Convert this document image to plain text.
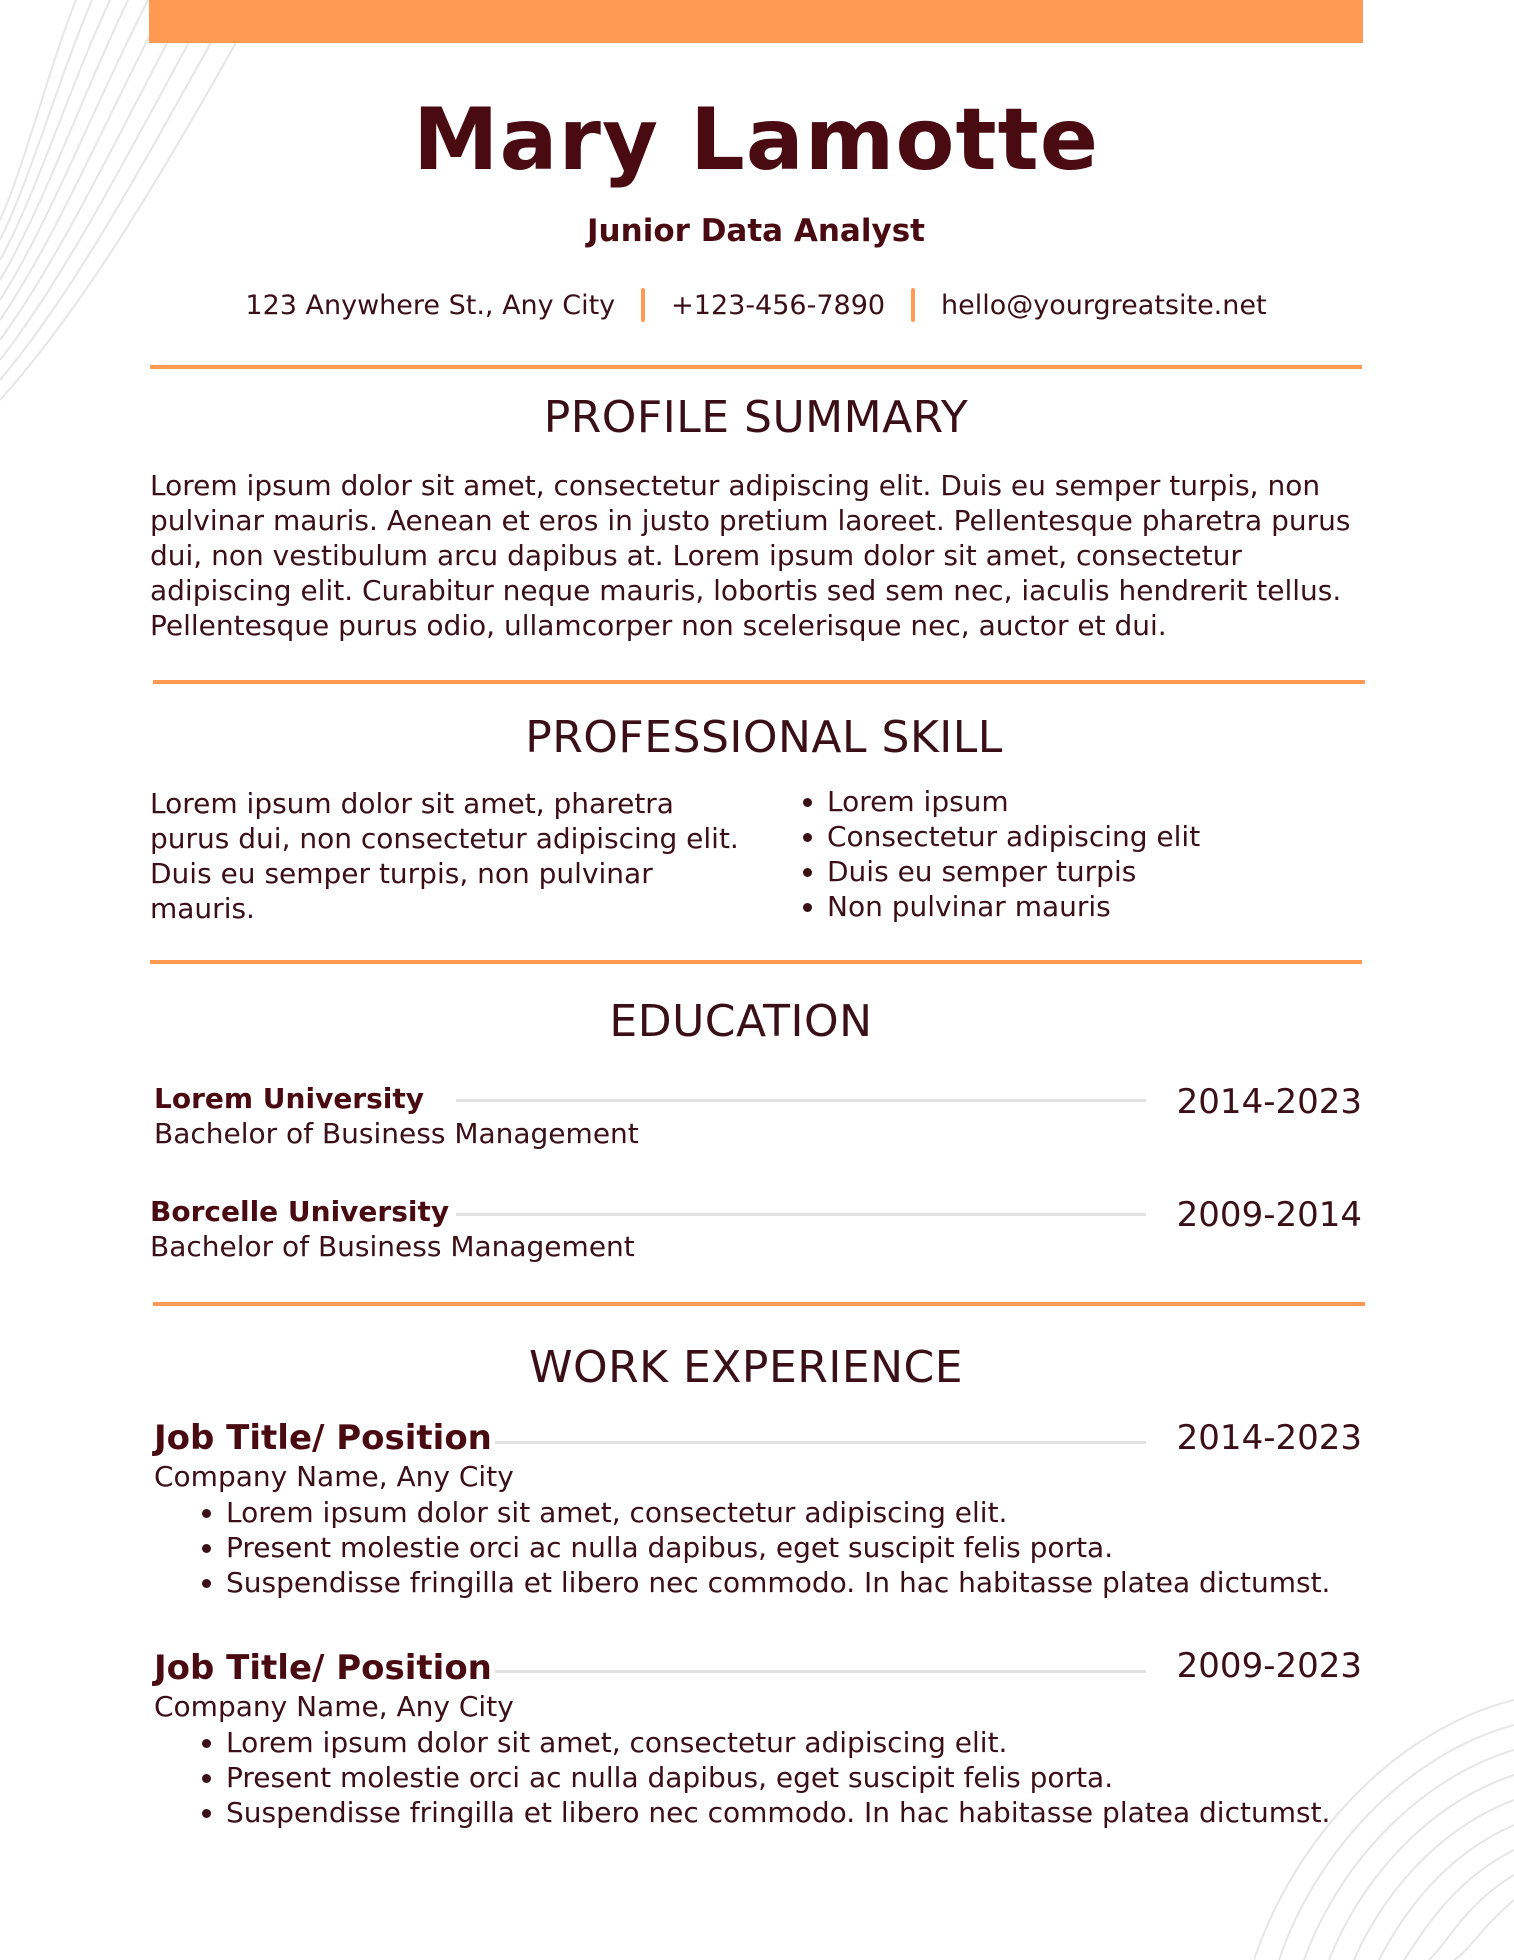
Mary Lamotte
Junior Data Analyst
123 Anywhere St., Any City +123-456-7890 hello@yourgreatsite.net
PROFILE SUMMARY

Lorem ipsum dolor sit amet, consectetur adipiscing elit. Duis eu semper turpis, non pulvinar mauris. Aenean et eros in justo pretium laoreet. Pellentesque pharetra purus dui, non vestibulum arcu dapibus at. Lorem ipsum dolor sit amet, consectetur adipiscing elit. Curabitur neque mauris, lobortis sed sem nec, iaculis hendrerit tellus. Pellentesque purus odio, ullamcorper non scelerisque nec, auctor et dui.

PROFESSIONAL SKILL

Lorem ipsum dolor sit amet, pharetra purus dui, non consectetur adipiscing elit. Duis eu semper turpis, non pulvinar mauris.

Lorem ipsum
Consectetur adipiscing elit
Duis eu semper turpis
Non pulvinar mauris
EDUCATION
Lorem University	2014-2023
Bachelor of Business Management
Borcelle University	2009-2014
Bachelor of Business Management
WORK EXPERIENCE
Job Title/ Position	2014-2023
Company Name, Any City
Lorem ipsum dolor sit amet, consectetur adipiscing elit.
Present molestie orci ac nulla dapibus, eget suscipit felis porta.
Suspendisse fringilla et libero nec commodo. In hac habitasse platea dictumst.
Job Title/ Position	2009-2023
Company Name, Any City
Lorem ipsum dolor sit amet, consectetur adipiscing elit.
Present molestie orci ac nulla dapibus, eget suscipit felis porta.
Suspendisse fringilla et libero nec commodo. In hac habitasse platea dictumst.
